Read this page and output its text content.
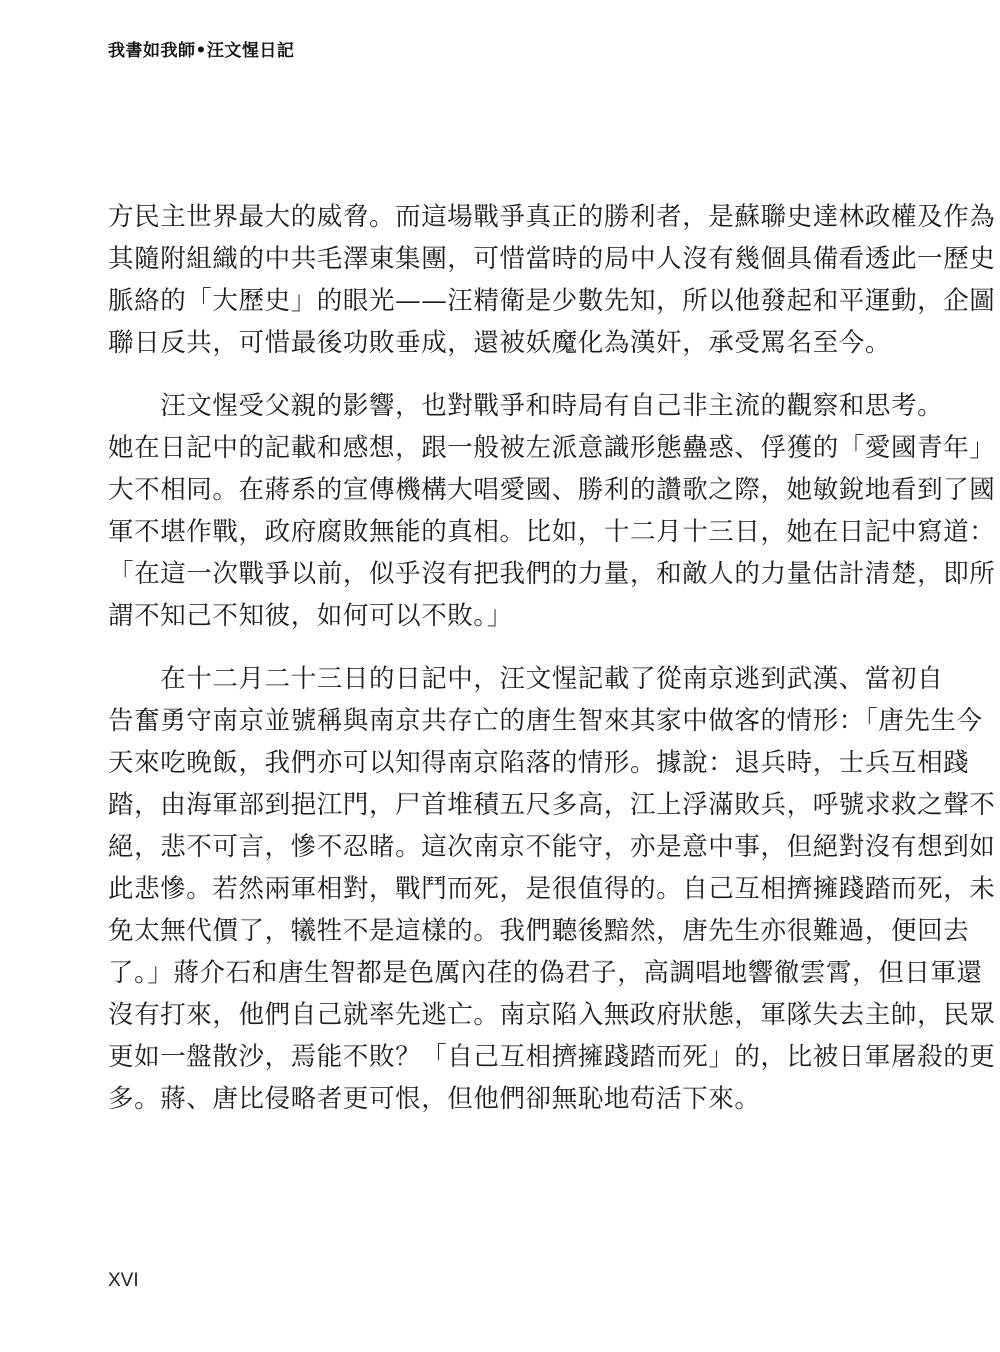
我書如我師•汪文惺日記

方民主世界最大的威脅。而這場戰爭真正的勝利者，是蘇聯史達林政權及作為
其隨附組織的中共毛澤東集團，可惜當時的局中人沒有幾個具備看透此一歷史
脈絡的「大歷史」的眼光——汪精衛是少數先知，所以他發起和平運動，企圖
聯日反共，可惜最後功敗垂成，還被妖魔化為漢奸，承受罵名至今。

　　汪文惺受父親的影響，也對戰爭和時局有自己非主流的觀察和思考。
她在日記中的記載和感想，跟一般被左派意識形態蠱惑、俘獲的「愛國青年」
大不相同。在蔣系的宣傳機構大唱愛國、勝利的讚歌之際，她敏銳地看到了國
軍不堪作戰，政府腐敗無能的真相。比如，十二月十三日，她在日記中寫道：
「在這一次戰爭以前，似乎沒有把我們的力量，和敵人的力量估計清楚，即所
謂不知己不知彼，如何可以不敗。」

　　在十二月二十三日的日記中，汪文惺記載了從南京逃到武漢、當初自
告奮勇守南京並號稱與南京共存亡的唐生智來其家中做客的情形：「唐先生今
天來吃晚飯，我們亦可以知得南京陷落的情形。據說：退兵時，士兵互相踐
踏，由海軍部到挹江門，尸首堆積五尺多高，江上浮滿敗兵，呼號求救之聲不
絕，悲不可言，慘不忍睹。這次南京不能守，亦是意中事，但絕對沒有想到如
此悲慘。若然兩軍相對，戰鬥而死，是很值得的。自己互相擠擁踐踏而死，未
免太無代價了，犧牲不是這樣的。我們聽後黯然，唐先生亦很難過，便回去
了。」蔣介石和唐生智都是色厲內荏的偽君子，高調唱地響徹雲霄，但日軍還
沒有打來，他們自己就率先逃亡。南京陷入無政府狀態，軍隊失去主帥，民眾
更如一盤散沙，焉能不敗？「自己互相擠擁踐踏而死」的，比被日軍屠殺的更
多。蔣、唐比侵略者更可恨，但他們卻無恥地苟活下來。

XVI
